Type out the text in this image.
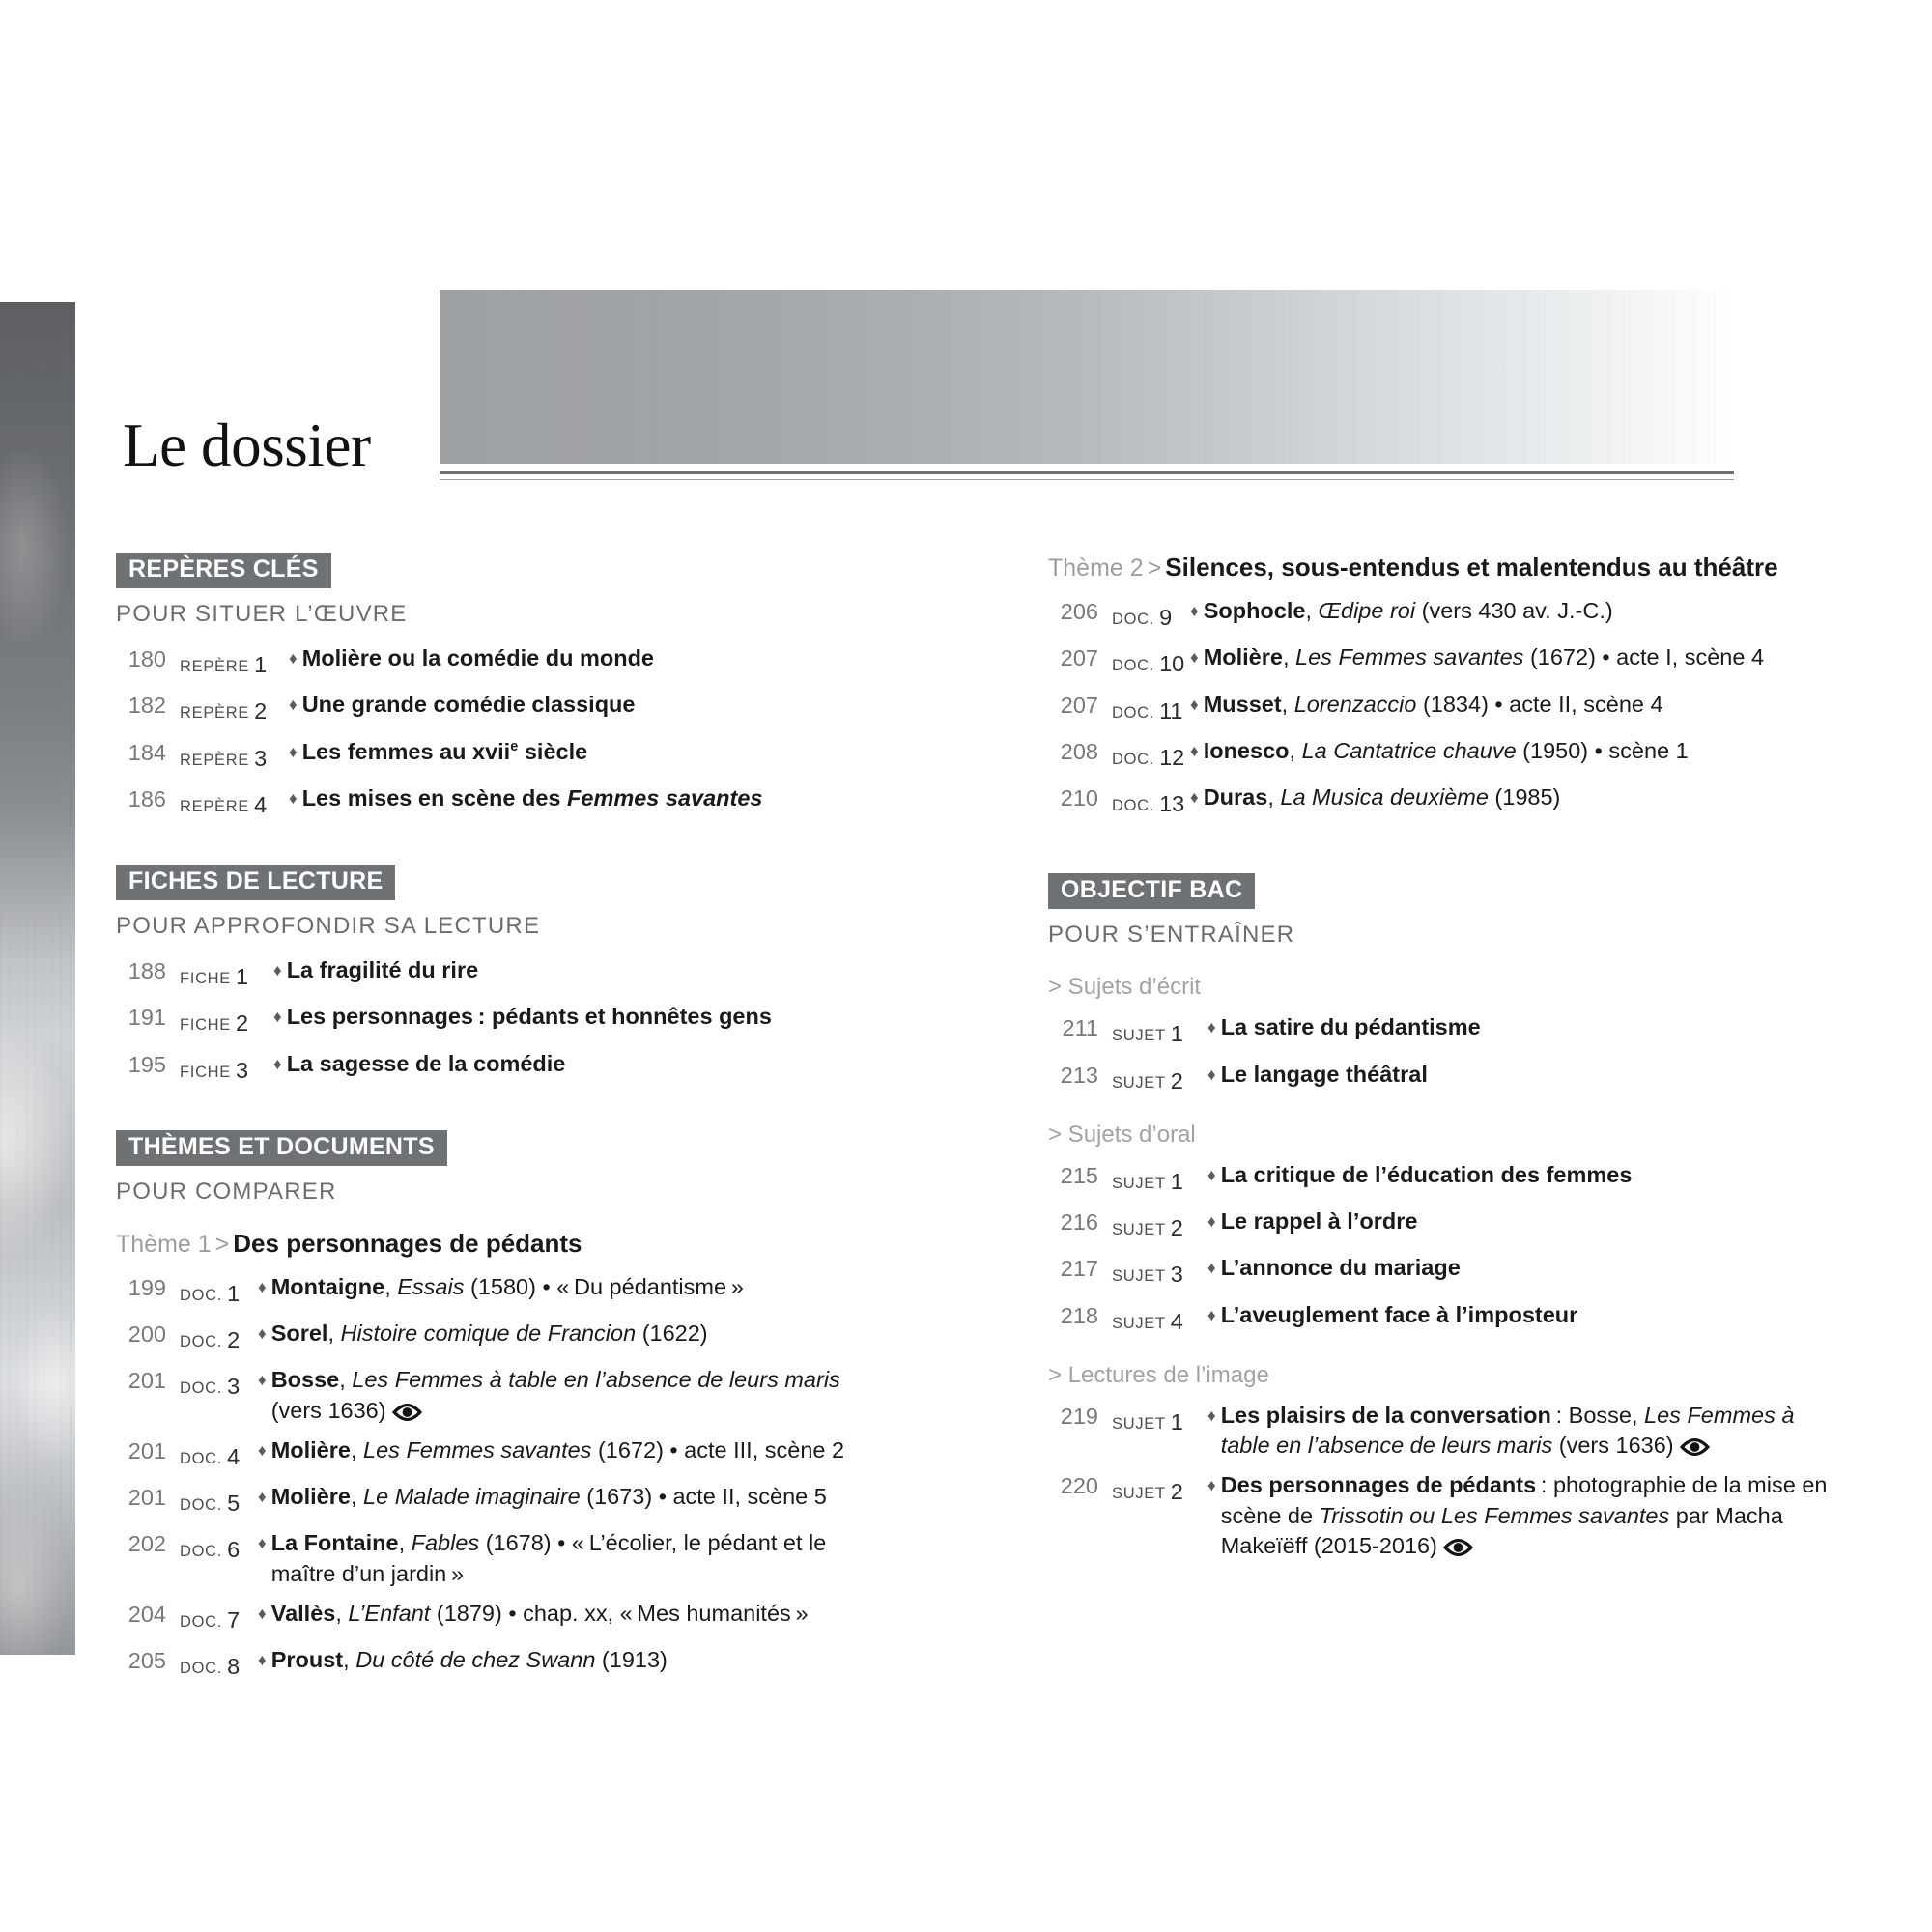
Le dossier
REPÈRES CLÉS
POUR SITUER L’ŒUVRE
180 REPÈRE 1	♦ Molière ou la comédie du monde
182 REPÈRE 2	♦ Une grande comédie classique
184 REPÈRE 3	♦ Les femmes au xvii$^e$ siècle
186 REPÈRE 4	♦ Les mises en scène des Femmes savantes
FICHES DE LECTURE
POUR APPROFONDIR SA LECTURE
188 FICHE 1	♦ La fragilité du rire
191 FICHE 2	♦ Les personnages : pédants et honnêtes gens
195 FICHE 3	♦ La sagesse de la comédie
THÈMES ET DOCUMENTS
POUR COMPARER
Thème 1 > Des personnages de pédants
199 DOC. 1	♦ Montaigne, Essais (1580) • « Du pédantisme »
200 DOC. 2	♦ Sorel, Histoire comique de Francion (1622)
201 DOC. 3	♦ Bosse, Les Femmes à table en l’absence de leurs maris (vers 1636)
201 DOC. 4	♦ Molière, Les Femmes savantes (1672) • acte III, scène 2
201 DOC. 5	♦ Molière, Le Malade imaginaire (1673) • acte II, scène 5
202 DOC. 6	♦ La Fontaine, Fables (1678) • « L’écolier, le pédant et le maître d’un jardin »
204 DOC. 7	♦ Vallès, L’Enfant (1879) • chap. xx, « Mes humanités »
205 DOC. 8	♦ Proust, Du côté de chez Swann (1913)
Thème 2 > Silences, sous-entendus et malentendus au théâtre
206 DOC. 9	♦ Sophocle, Œdipe roi (vers 430 av. J.-C.)
207 DOC. 10 ♦ Molière, Les Femmes savantes (1672) • acte I, scène 4
207 DOC. 11 ♦ Musset, Lorenzaccio (1834) • acte II, scène 4
208 DOC. 12 ♦ Ionesco, La Cantatrice chauve (1950) • scène 1
210 DOC. 13 ♦ Duras, La Musica deuxième (1985)
OBJECTIF BAC
POUR S’ENTRAÎNER
> Sujets d’écrit
211 SUJET 1	♦ La satire du pédantisme
213 SUJET 2	♦ Le langage théâtral
> Sujets d’oral
215 SUJET 1	♦ La critique de l’éducation des femmes
216 SUJET 2	♦ Le rappel à l’ordre
217 SUJET 3	♦ L’annonce du mariage
218 SUJET 4	♦ L’aveuglement face à l’imposteur
> Lectures de l’image
219 SUJET 1	♦ Les plaisirs de la conversation : Bosse, Les Femmes à table en l’absence de leurs maris (vers 1636)
220 SUJET 2	♦ Des personnages de pédants : photographie de la mise en scène de Trissotin ou Les Femmes savantes par Macha Makeïëff (2015-2016)
